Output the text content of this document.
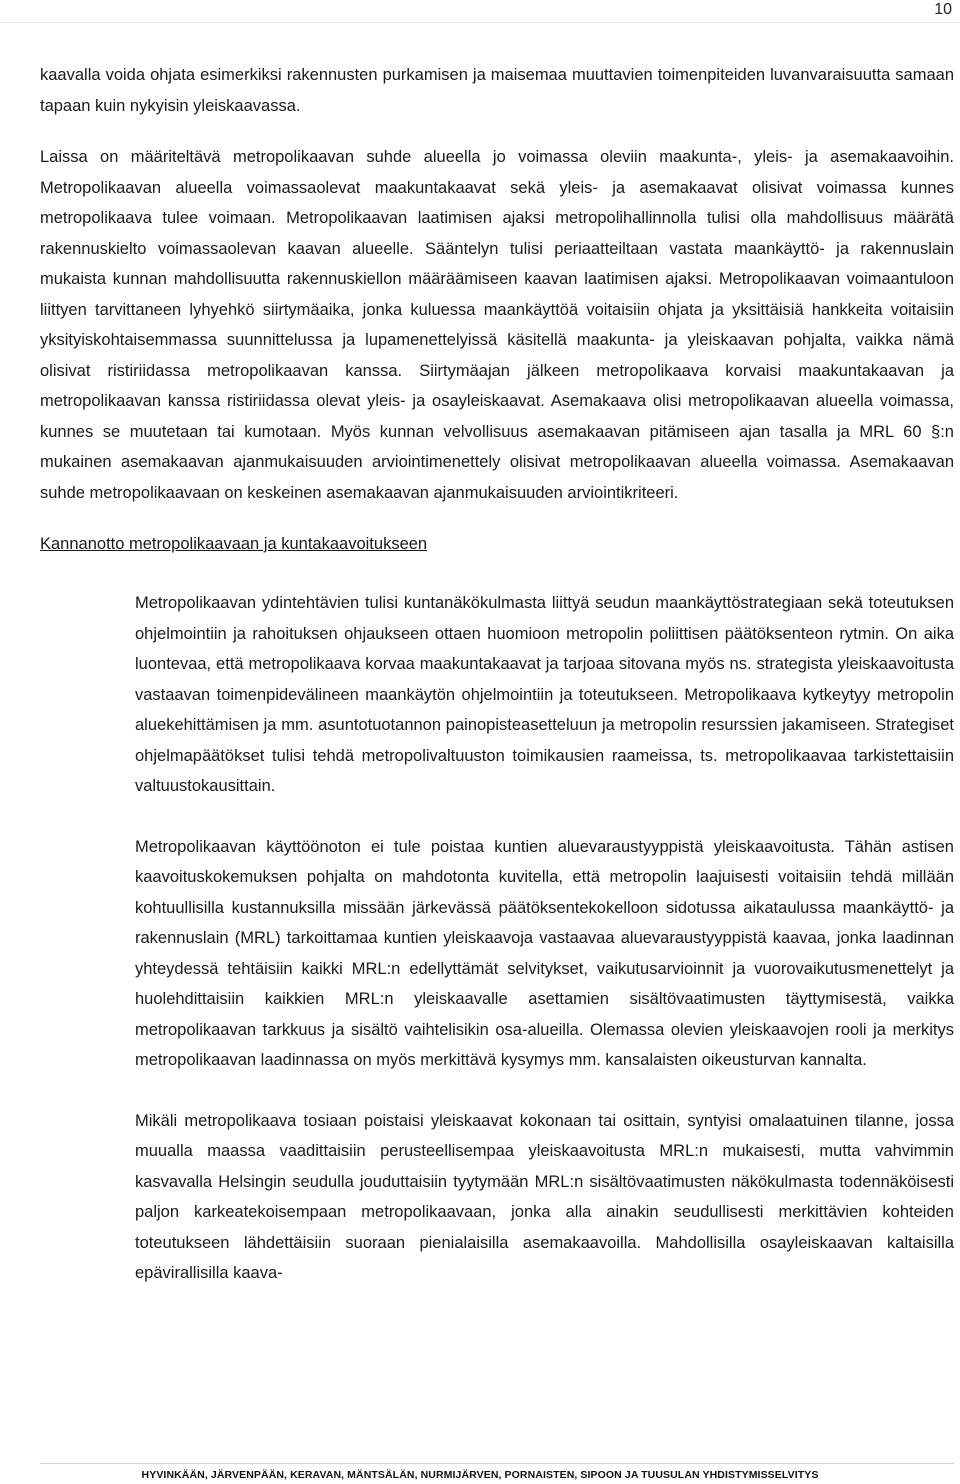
10

kaavalla voida ohjata esimerkiksi rakennusten purkamisen ja maisemaa muuttavien toimenpiteiden luvanvaraisuutta samaan tapaan kuin nykyisin yleiskaavassa.

Laissa on määriteltävä metropolikaavan suhde alueella jo voimassa oleviin maakunta-, yleis- ja asemakaavoihin. Metropolikaavan alueella voimassaolevat maakuntakaavat sekä yleis- ja asemakaavat olisivat voimassa kunnes metropolikaava tulee voimaan. Metropolikaavan laatimisen ajaksi metropolihallinnolla tulisi olla mahdollisuus määrätä rakennuskielto voimassaolevan kaavan alueelle. Sääntelyn tulisi periaatteiltaan vastata maankäyttö- ja rakennuslain mukaista kunnan mahdollisuutta rakennuskiellon määräämiseen kaavan laatimisen ajaksi. Metropolikaavan voimaantuloon liittyen tarvittaneen lyhyehkö siirtymäaika, jonka kuluessa maankäyttöä voitaisiin ohjata ja yksittäisiä hankkeita voitaisiin yksityiskohtaisemmassa suunnittelussa ja lupamenettelyissä käsitellä maakunta- ja yleiskaavan pohjalta, vaikka nämä olisivat ristiriidassa metropolikaavan kanssa. Siirtymäajan jälkeen metropolikaava korvaisi maakuntakaavan ja metropolikaavan kanssa ristiriidassa olevat yleis- ja osayleiskaavat. Asemakaava olisi metropolikaavan alueella voimassa, kunnes se muutetaan tai kumotaan. Myös kunnan velvollisuus asemakaavan pitämiseen ajan tasalla ja MRL 60 §:n mukainen asemakaavan ajanmukaisuuden arviointimenettely olisivat metropolikaavan alueella voimassa. Asemakaavan suhde metropolikaavaan on keskeinen asemakaavan ajanmukaisuuden arviointikriteeri.

Kannanotto metropolikaavaan ja kuntakaavoitukseen

Metropolikaavan ydintehtävien tulisi kuntanäkökulmasta liittyä seudun maankäyttöstrategiaan sekä toteutuksen ohjelmointiin ja rahoituksen ohjaukseen ottaen huomioon metropolin poliittisen päätöksenteon rytmin. On aika luontevaa, että metropolikaava korvaa maakuntakaavat ja tarjoaa sitovana myös ns. strategista yleiskaavoitusta vastaavan toimenpidevälineen maankäytön ohjelmointiin ja toteutukseen. Metropolikaava kytkeytyy metropolin aluekehittämisen ja mm. asuntotuotannon painopisteasetteluun ja metropolin resurssien jakamiseen. Strategiset ohjelmapäätökset tulisi tehdä metropolivaltuuston toimikausien raameissa, ts. metropolikaavaa tarkistettaisiin valtuustokausittain.

Metropolikaavan käyttöönoton ei tule poistaa kuntien aluevaraustyyppistä yleiskaavoitusta. Tähän astisen kaavoituskokemuksen pohjalta on mahdotonta kuvitella, että metropolin laajuisesti voitaisiin tehdä millään kohtuullisilla kustannuksilla missään järkevässä päätöksentekokelloon sidotussa aikataulussa maankäyttö- ja rakennuslain (MRL) tarkoittamaa kuntien yleiskaavoja vastaavaa aluevaraustyyppistä kaavaa, jonka laadinnan yhteydessä tehtäisiin kaikki MRL:n edellyttämät selvitykset, vaikutusarvioinnit ja vuorovaikutusmenettelyt ja huolehdittaisiin kaikkien MRL:n yleiskaavalle asettamien sisältövaatimusten täyttymisestä, vaikka metropolikaavan tarkkuus ja sisältö vaihtelisikin osa-alueilla. Olemassa olevien yleiskaavojen rooli ja merkitys metropolikaavan laadinnassa on myös merkittävä kysymys mm. kansalaisten oikeusturvan kannalta.

Mikäli metropolikaava tosiaan poistaisi yleiskaavat kokonaan tai osittain, syntyisi omalaatuinen tilanne, jossa muualla maassa vaadittaisiin perusteellisempaa yleiskaavoitusta MRL:n mukaisesti, mutta vahvimmin kasvavalla Helsingin seudulla jouduttaisiin tyytymään MRL:n sisältövaatimusten näkökulmasta todennäköisesti paljon karkeatekoisempaan metropolikaavaan, jonka alla ainakin seudullisesti merkittävien kohteiden toteutukseen lähdettäisiin suoraan pienialaisilla asemakaavoilla. Mahdollisilla osayleiskaavan kaltaisilla epävirallisilla kaava-

HYVINKÄÄN, JÄRVENPÄÄN, KERAVAN, MÄNTSÄLÄN, NURMIJÄRVEN, PORNAISTEN, SIPOON JA TUUSULAN YHDISTYMISSELVITYS
